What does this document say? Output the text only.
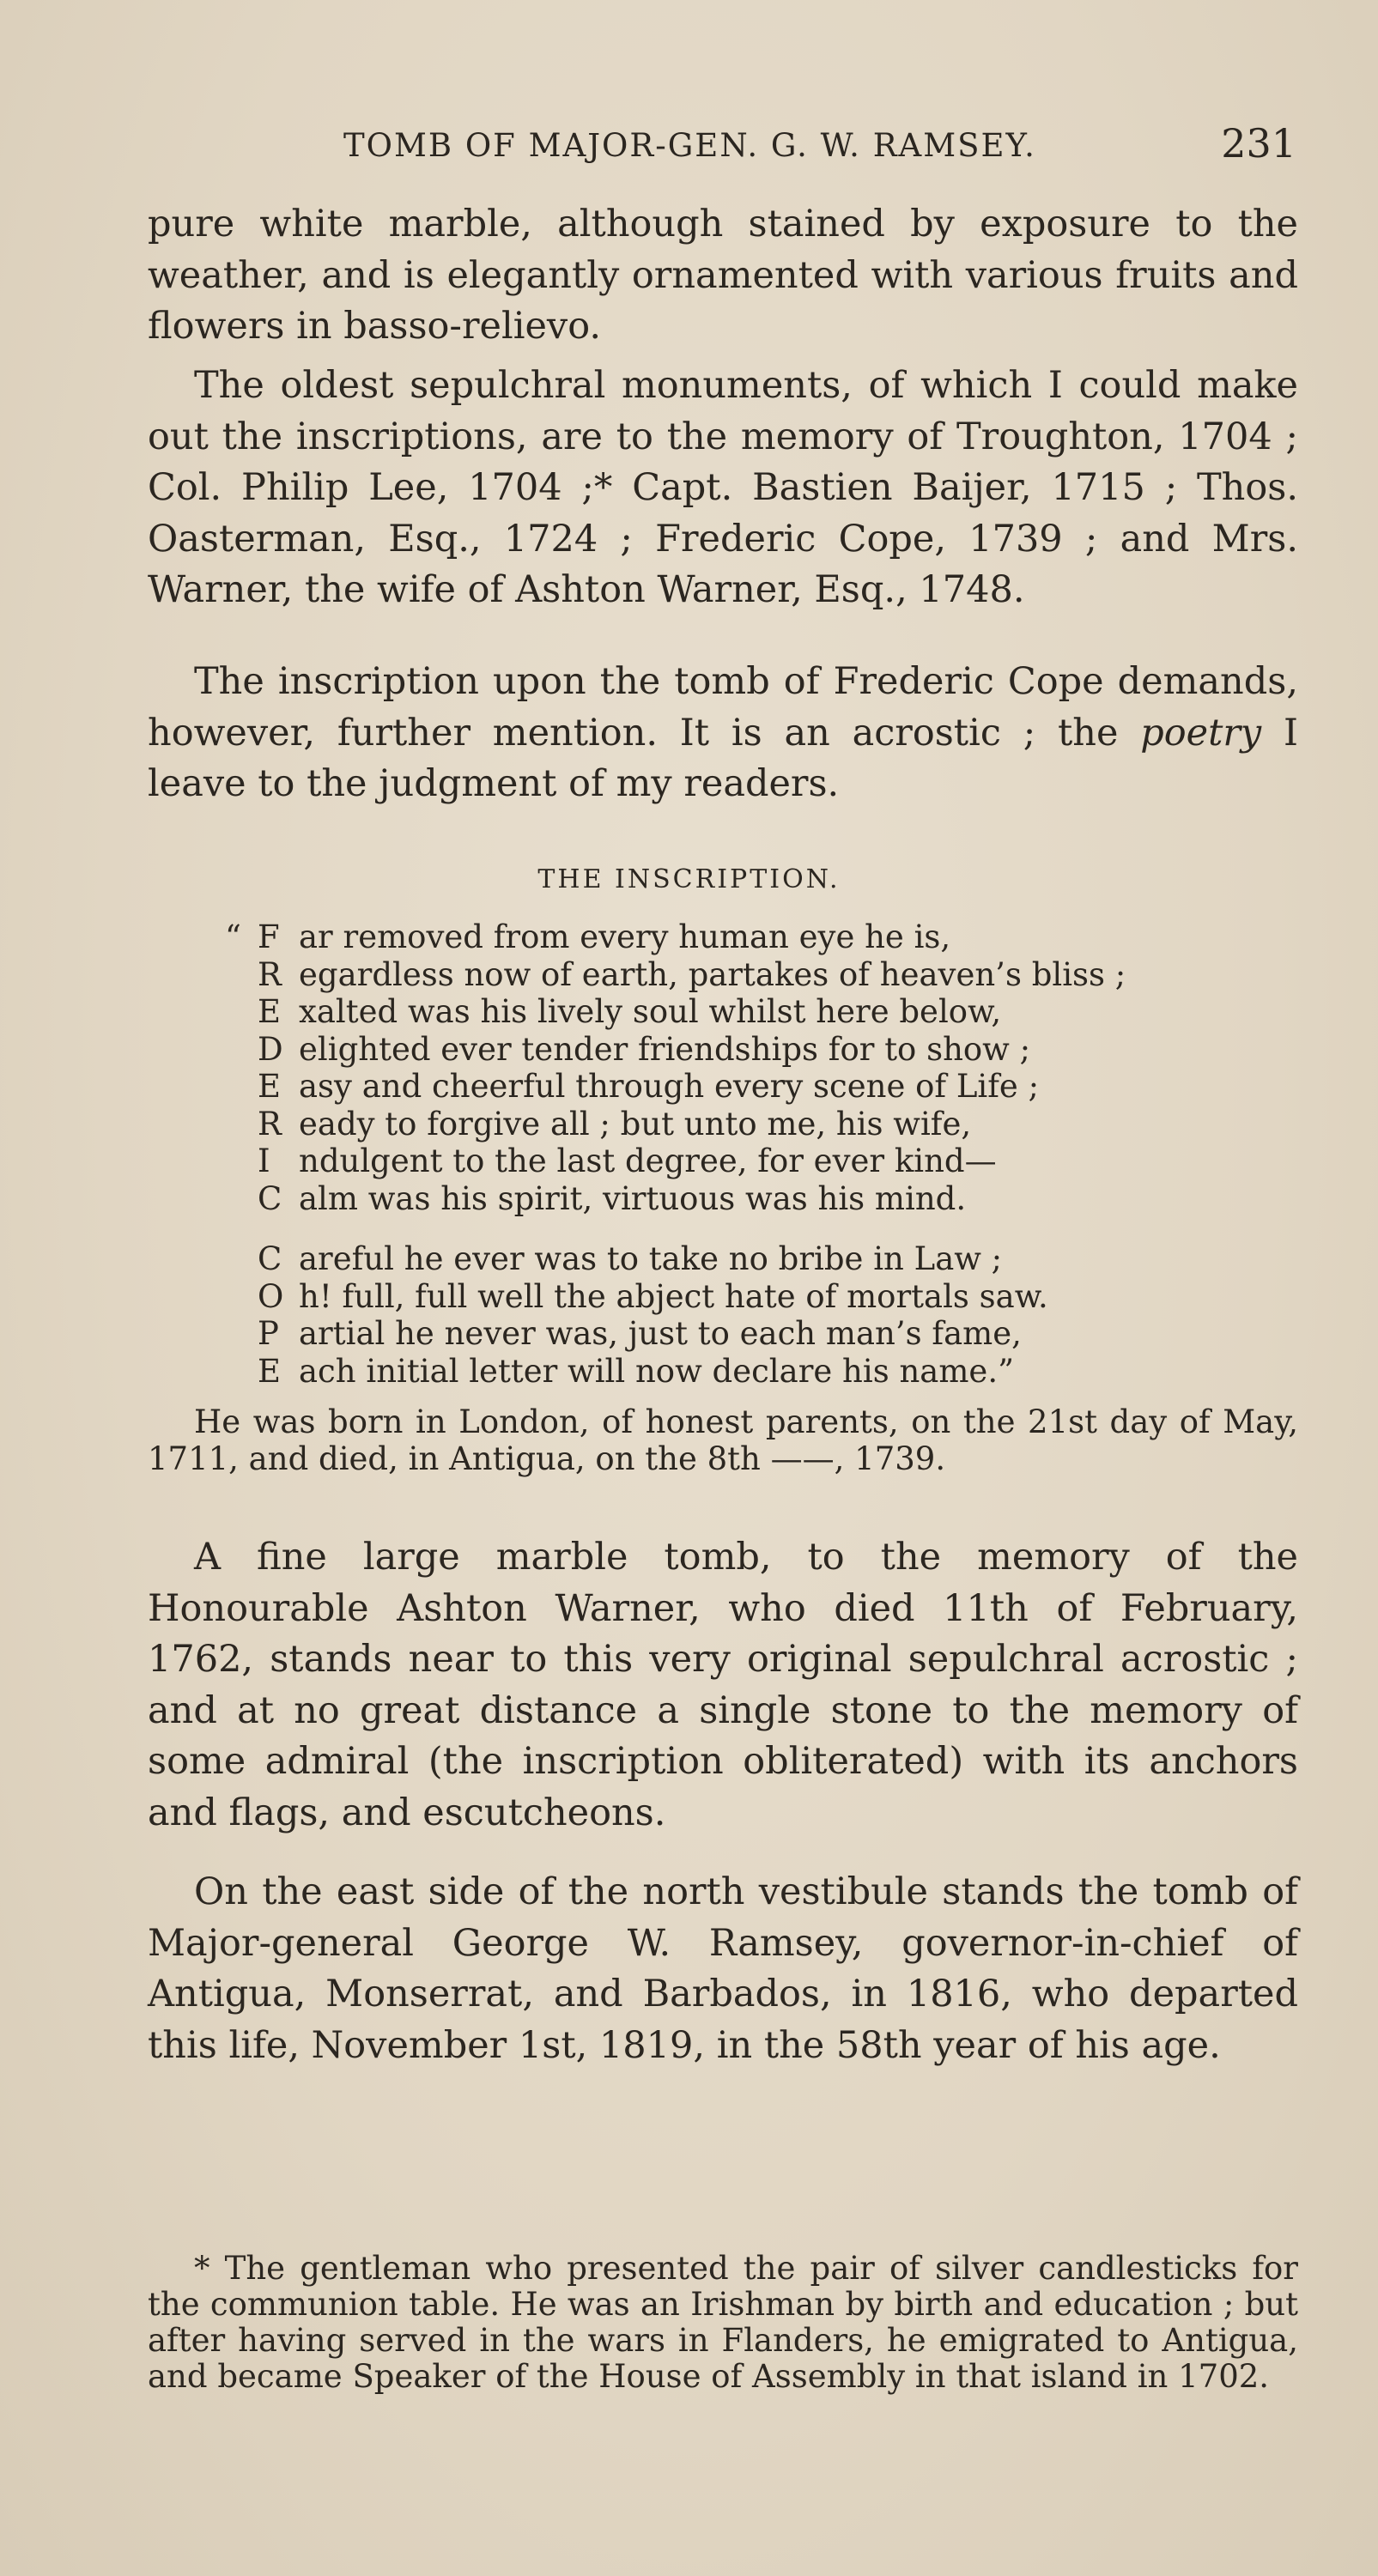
TOMB OF MAJOR-GEN. G. W. RAMSEY.	231

pure white marble, although stained by exposure to the weather, and is elegantly ornamented with various fruits and flowers in basso-relievo.

The oldest sepulchral monuments, of which I could make out the inscriptions, are to the memory of Troughton, 1704 ; Col. Philip Lee, 1704 ;* Capt. Bastien Baijer, 1715 ; Thos. Oasterman, Esq., 1724 ; Frederic Cope, 1739 ; and Mrs. Warner, the wife of Ashton Warner, Esq., 1748.

The inscription upon the tomb of Frederic Cope demands, however, further mention. It is an acrostic ; the poetry I leave to the judgment of my readers.

THE INSCRIPTION.

“ F ar removed from every human eye he is,
R egardless now of earth, partakes of heaven’s bliss ;
E xalted was his lively soul whilst here below,
D elighted ever tender friendships for to show ;
E asy and cheerful through every scene of Life ;
R eady to forgive all ; but unto me, his wife,
I ndulgent to the last degree, for ever kind—
C alm was his spirit, virtuous was his mind.
C areful he ever was to take no bribe in Law ;
O h! full, full well the abject hate of mortals saw.
P artial he never was, just to each man’s fame,
E ach initial letter will now declare his name.”

He was born in London, of honest parents, on the 21st day of May, 1711, and died, in Antigua, on the 8th ——, 1739.

A fine large marble tomb, to the memory of the Honourable Ashton Warner, who died 11th of February, 1762, stands near to this very original sepulchral acrostic ; and at no great distance a single stone to the memory of some admiral (the inscription obliterated) with its anchors and flags, and escutcheons.

On the east side of the north vestibule stands the tomb of Major-general George W. Ramsey, governor-in-chief of Antigua, Monserrat, and Barbados, in 1816, who departed this life, November 1st, 1819, in the 58th year of his age.

* The gentleman who presented the pair of silver candlesticks for the communion table. He was an Irishman by birth and education ; but after having served in the wars in Flanders, he emigrated to Antigua, and became Speaker of the House of Assembly in that island in 1702.
